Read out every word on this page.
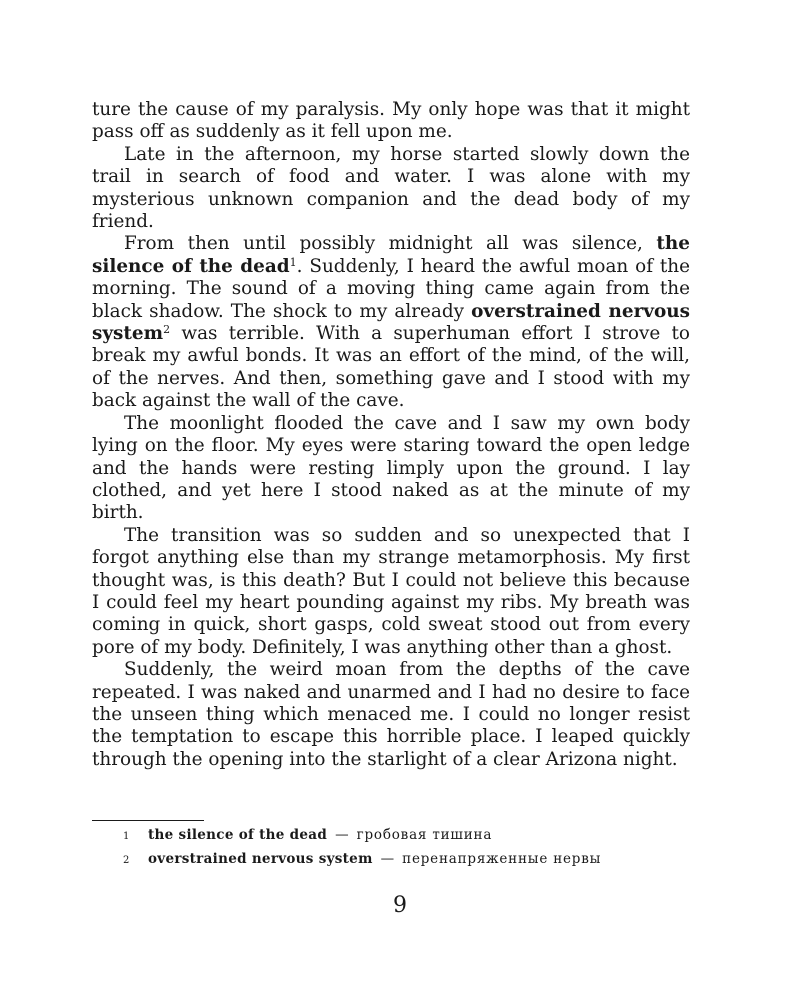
ture the cause of my paralysis. My only hope was that it might pass off as suddenly as it fell upon me.

Late in the afternoon, my horse started slowly down the trail in search of food and water. I was alone with my mysterious unknown companion and the dead body of my friend.

From then until possibly midnight all was silence, the silence of the dead$^1$. Suddenly, I heard the awful moan of the morning. The sound of a moving thing came again from the black shadow. The shock to my already overstrained nervous system$^2$ was terrible. With a superhuman effort I strove to break my awful bonds. It was an effort of the mind, of the will, of the nerves. And then, something gave and I stood with my back against the wall of the cave.

The moonlight flooded the cave and I saw my own body lying on the floor. My eyes were staring toward the open ledge and the hands were resting limply upon the ground. I lay clothed, and yet here I stood naked as at the minute of my birth.

The transition was so sudden and so unexpected that I forgot anything else than my strange metamorphosis. My first thought was, is this death? But I could not believe this because I could feel my heart pounding against my ribs. My breath was coming in quick, short gasps, cold sweat stood out from every pore of my body. Definitely, I was anything other than a ghost.

Suddenly, the weird moan from the depths of the cave repeated. I was naked and unarmed and I had no desire to face the unseen thing which menaced me. I could no longer resist the temptation to escape this horrible place. I leaped quickly through the opening into the starlight of a clear Arizona night.

1	the silence of the dead — гробовая тишина
2	overstrained nervous system — перенапряженные нервы
9
